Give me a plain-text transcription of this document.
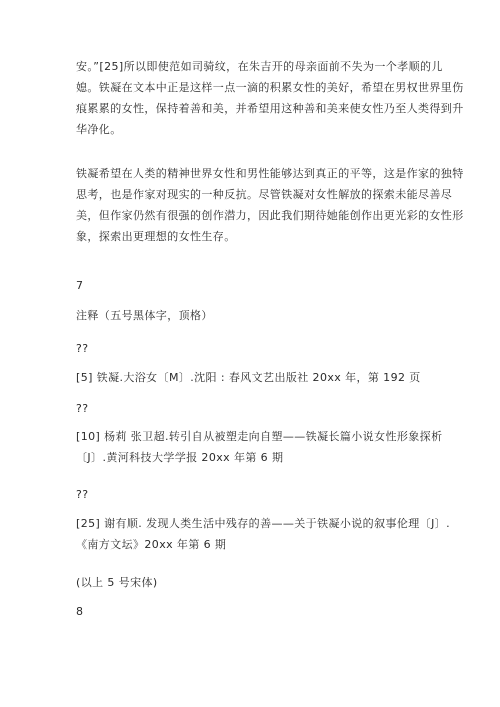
安。”[25]所以即使范如司骑纹，在朱吉开的母亲面前不失为一个孝顺的儿
媳。铁凝在文本中正是这样一点一滴的积累女性的美好，希望在男权世界里伤
痕累累的女性，保持着善和美，并希望用这种善和美来使女性乃至人类得到升
华净化。
铁凝希望在人类的精神世界女性和男性能够达到真正的平等，这是作家的独特
思考，也是作家对现实的一种反抗。尽管铁凝对女性解放的探索未能尽善尽
美，但作家仍然有很强的创作潜力，因此我们期待她能创作出更光彩的女性形
象，探索出更理想的女性生存。
7
注释（五号黑体字，顶格）
??
[5] 铁凝.大浴女〔M〕.沈阳 : 春风文艺出版社 20xx 年，第 192 页
??
[10] 杨莉 张卫超.转引自从被塑走向自塑——铁凝长篇小说女性形象探析
〔J〕.黄河科技大学学报 20xx 年第 6 期
??
[25] 谢有顺. 发现人类生活中残存的善——关于铁凝小说的叙事伦理〔J〕.
《南方文坛》20xx 年第 6 期
(以上 5 号宋体)
8
